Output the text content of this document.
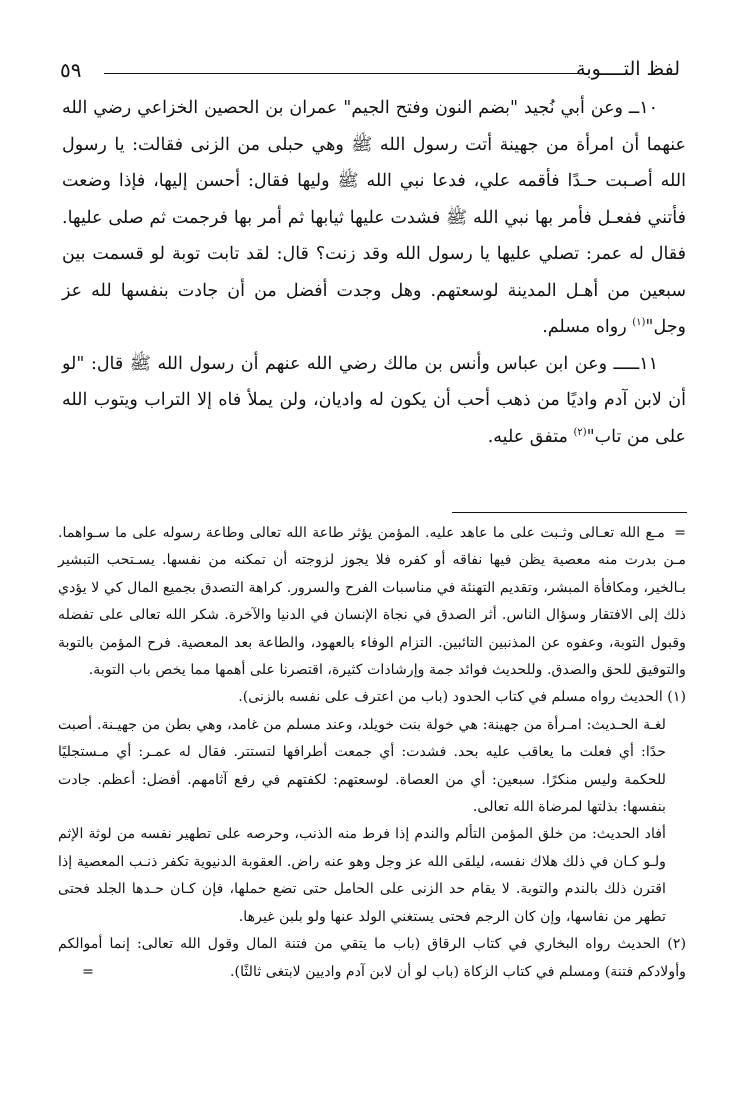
٥٩	لفظ التــــوبة

١٠ــ وعن أبي نُجيد "بضم النون وفتح الجيم" عمران بن الحصين الخزاعي رضي الله عنهما أن امرأة من جهينة أتت رسول الله ﷺ وهي حبلى من الزنى فقالت: يا رسول الله أصـبت حـدًا فأقمه علي، فدعا نبي الله ﷺ وليها فقال: أحسن إليها، فإذا وضعت فأتني ففعـل فأمر بها نبي الله ﷺ فشدت عليها ثيابها ثم أمر بها فرجمت ثم صلى عليها. فقال له عمر: تصلي عليها يا رسول الله وقد زنت؟ قال: لقد تابت توبة لو قسمت بين سبعين من أهـل المدينة لوسعتهم. وهل وجدت أفضل من أن جادت بنفسها لله عز وجل"$^{(١)}$ رواه مسلم.

١١ـــــ وعن ابن عباس وأنس بن مالك رضي الله عنهم أن رسول الله ﷺ قال: "لو أن لابن آدم واديًا من ذهب أحب أن يكون له واديان، ولن يملأ فاه إلا التراب ويتوب الله على من تاب"$^{(٢)}$ متفق عليه.

= مـع الله تعـالى وثـبت على ما عاهد عليه. المؤمن يؤثر طاعة الله تعالى وطاعة رسوله على ما سـواهما. مـن بدرت منه معصية يظن فيها نفاقه أو كفره فلا يجوز لزوجته أن تمكنه من نفسها. يسـتحب التبشير بـالخير، ومكافأة المبشر، وتقديم التهنئة في مناسبات الفرح والسرور. كراهة التصدق بجميع المال كي لا يؤدي ذلك إلى الافتقار وسؤال الناس. أثر الصدق في نجاة الإنسان في الدنيا والآخرة. شكر الله تعالى على تفضله وقبول التوبة، وعفوه عن المذنبين التائبين. التزام الوفاء بالعهود، والطاعة بعد المعصية. فرح المؤمن بالتوبة والتوفيق للحق والصدق. وللحديث فوائد جمة وإرشادات كثيرة، اقتصرنا على أهمها مما يخص باب التوبة.

(١) الحديث رواه مسلم في كتاب الحدود (باب من اعترف على نفسه بالزنى).

لغـة الحـديث: امـرأة من جهينة: هي خولة بنت خويلد، وعند مسلم من غامد، وهي بطن من جهيـنة. أصبت حدًا: أي فعلت ما يعاقب عليه بحد. فشدت: أي جمعت أطرافها لتستتر. فقال له عمـر: أي مـستجليًا للحكمة وليس منكرًا. سبعين: أي من العصاة. لوسعتهم: لكفتهم في رفع آثامهم. أفضل: أعظم. جادت بنفسها: بذلتها لمرضاة الله تعالى.

أفاد الحديث: من خلق المؤمن التألم والندم إذا فرط منه الذنب، وحرصه على تطهير نفسه من لوثة الإثم ولـو كـان في ذلك هلاك نفسه، ليلقى الله عز وجل وهو عنه راض. العقوبة الدنيوية تكفر ذنـب المعصية إذا اقترن ذلك بالندم والتوبة. لا يقام حد الزنى على الحامل حتى تضع حملها، فإن كـان حـدها الجلد فحتى تطهر من نفاسها، وإن كان الرجم فحتى يستغني الولد عنها ولو بلبن غيرها.

(٢) الحديث رواه البخاري في كتاب الرقاق (باب ما يتقي من فتنة المال وقول الله تعالى: إنما أموالكم وأولادكم فتنة) ومسلم في كتاب الزكاة (باب لو أن لابن آدم واديين لابتغى ثالثًا).
=
